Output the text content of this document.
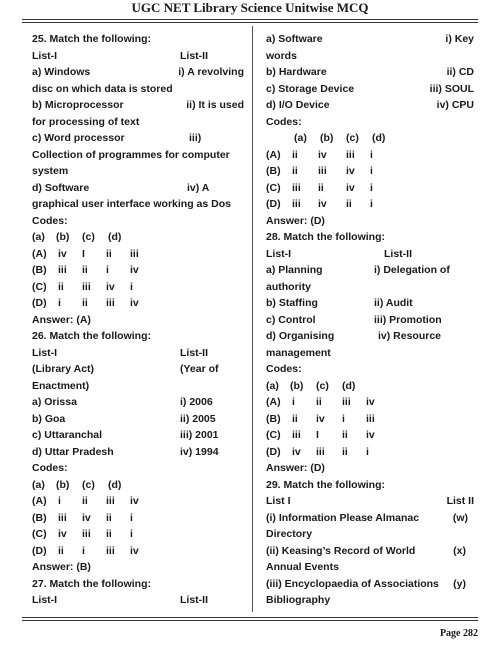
UGC NET Library Science Unitwise MCQ
25. Match the following:
List-I	List-II
a) Windows	i) A revolving
disc on which data is stored
b) Microprocessor	ii) It is used
for processing of text
c) Word processor	iii)
Collection of programmes for computer
system
d) Software	iv) A
graphical user interface working as Dos
Codes:
(a) (b) (c) (d)
(A) iv I ii iii
(B) iii ii i iv
(C) ii iii iv i
(D) i ii iii iv
Answer: (A)
26. Match the following:
List-I	List-II
(Library Act)	(Year of
Enactment)
a) Orissa	i) 2006
b) Goa	ii) 2005
c) Uttaranchal	iii) 2001
d) Uttar Pradesh	iv) 1994
Codes:
(a) (b) (c) (d)
(A) i ii iii iv
(B) iii iv ii i
(C) iv iii ii i
(D) ii i iii iv
Answer: (B)
27. Match the following:
List-I	List-II
a) Software	i) Key
words
b) Hardware	ii) CD
c) Storage Device	iii) SOUL
d) I/O Device	iv) CPU
Codes:
(a) (b) (c) (d)
(A) ii iv iii i
(B) ii iii iv i
(C) iii ii iv i
(D) iii iv ii i
Answer: (D)
28. Match the following:
List-I	List-II
a) Planning	i) Delegation of
authority
b) Staffing	ii) Audit
c) Control	iii) Promotion
d) Organising	iv) Resource
management
Codes:
(a) (b) (c) (d)
(A) i ii iii iv
(B) ii iv i iii
(C) iii I ii iv
(D) iv iii ii i
Answer: (D)
29. Match the following:
List I	List II
(i) Information Please Almanac	(w)
Directory
(ii) Keasing’s Record of World	(x)
Annual Events
(iii) Encyclopaedia of Associations (y)
Bibliography
Page 282
